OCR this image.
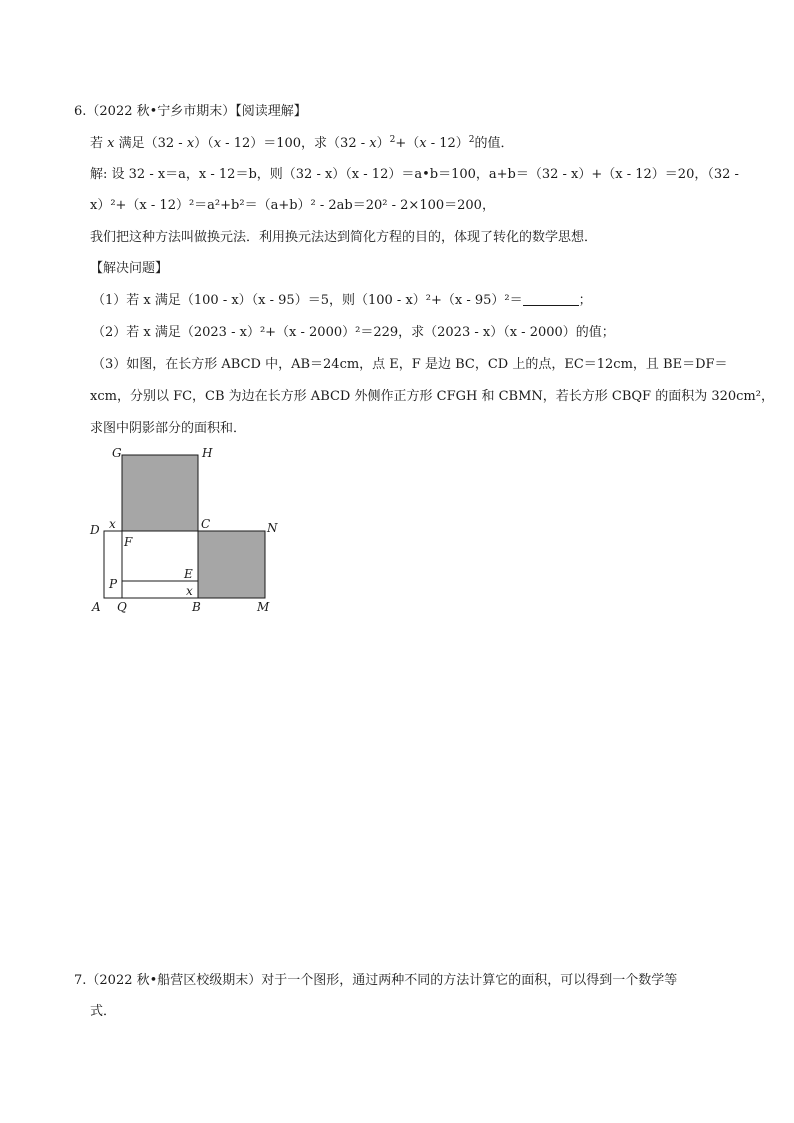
6.（2022 秋•宁乡市期末）【阅读理解】
若 x 满足（32 - x）（x - 12）＝100，求（32 - x）$^2$+（x - 12）$^2$的值．
解: 设 32 - x＝a，x - 12＝b，则（32 - x）（x - 12）＝a•b＝100，a+b＝（32 - x）+（x - 12）＝20，（32 -
x）²+（x - 12）²＝a²+b²＝（a+b）² - 2ab＝20² - 2×100＝200，
我们把这种方法叫做换元法．利用换元法达到简化方程的目的，体现了转化的数学思想．
【解决问题】
（1）若 x 满足（100 - x）（x - 95）＝5，则（100 - x）²+（x - 95）²＝	；
（2）若 x 满足（2023 - x）²+（x - 2000）²＝229，求（2023 - x）（x - 2000）的值；
（3）如图，在长方形 ABCD 中，AB＝24cm，点 E，F 是边 BC，CD 上的点，EC＝12cm，且 BE＝DF＝
xcm，分别以 FC，CB 为边在长方形 ABCD 外侧作正方形 CFGH 和 CBMN，若长方形 CBQF 的面积为 320cm²，
求图中阴影部分的面积和．
G	H
D x	C	N
F
E
P	x
A Q	B	M
7.（2022 秋•船营区校级期末）对于一个图形，通过两种不同的方法计算它的面积，可以得到一个数学等
式．
